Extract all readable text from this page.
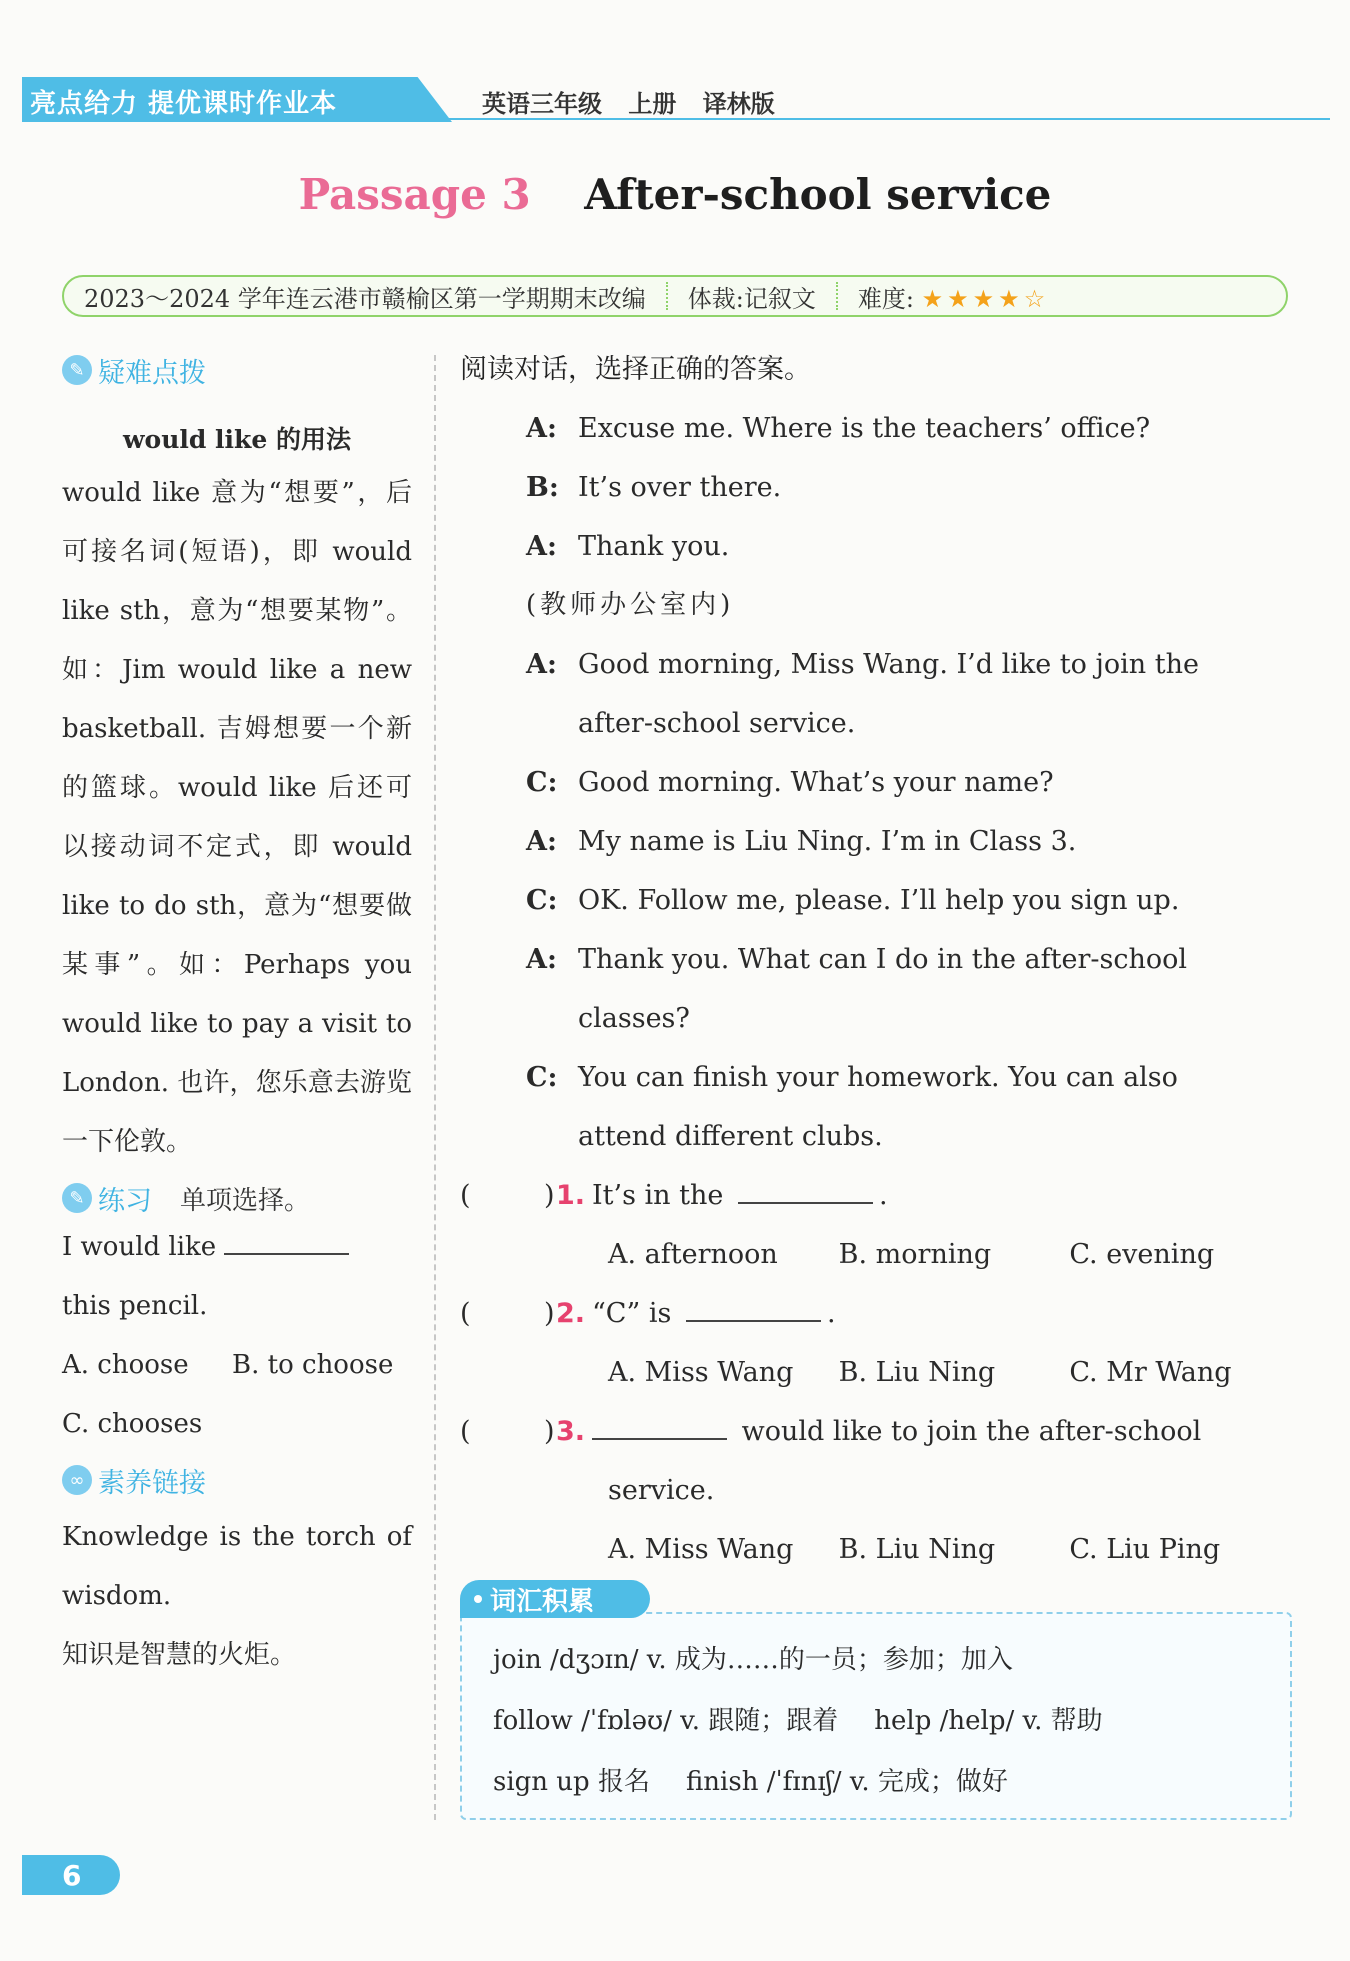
亮点给力 提优课时作业本	英语三年级 上册 译林版
Passage 3 After-school service
2023～2024 学年连云港市赣榆区第一学期期末改编	体裁:记叙文	难度: ★★★★☆
✎ 疑难点拨
would like 的用法
would like 意为“想要”，后可接名词(短语)，即 would like sth，意为“想要某物”。如：Jim would like a new basketball. 吉姆想要一个新的篮球。would like 后还可以接动词不定式，即 would like to do sth，意为“想要做某事”。如：Perhaps you would like to pay a visit to London. 也许，您乐意去游览一下伦敦。
✎ 练习 单项选择。
I would like
this pencil.
A. choose B. to choose
C. chooses
∞ 素养链接
Knowledge is the torch of wisdom.
知识是智慧的火炬。
阅读对话，选择正确的答案。
A: Excuse me. Where is the teachers’ office?
B: It’s over there.
A: Thank you.
(教师办公室内)
A: Good morning, Miss Wang. I’d like to join the
after-school service.
C: Good morning. What’s your name?
A: My name is Liu Ning. I’m in Class 3.
C: OK. Follow me, please. I’ll help you sign up.
A: Thank you. What can I do in the after-school
classes?
C: You can finish your homework. You can also
attend different clubs.
(	) 1. It’s in the	.
A. afternoon	B. morning	C. evening
(	) 2. “C” is	.
A. Miss Wang	B. Liu Ning	C. Mr Wang
(	) 3.	would like to join the after-school
service.
A. Miss Wang	B. Liu Ning	C. Liu Ping
词汇积累
join /dʒɔɪn/ v. 成为……的一员；参加；加入
follow /ˈfɒləʊ/ v. 跟随；跟着 help /help/ v. 帮助
sign up 报名 finish /ˈfɪnɪʃ/ v. 完成；做好
6
